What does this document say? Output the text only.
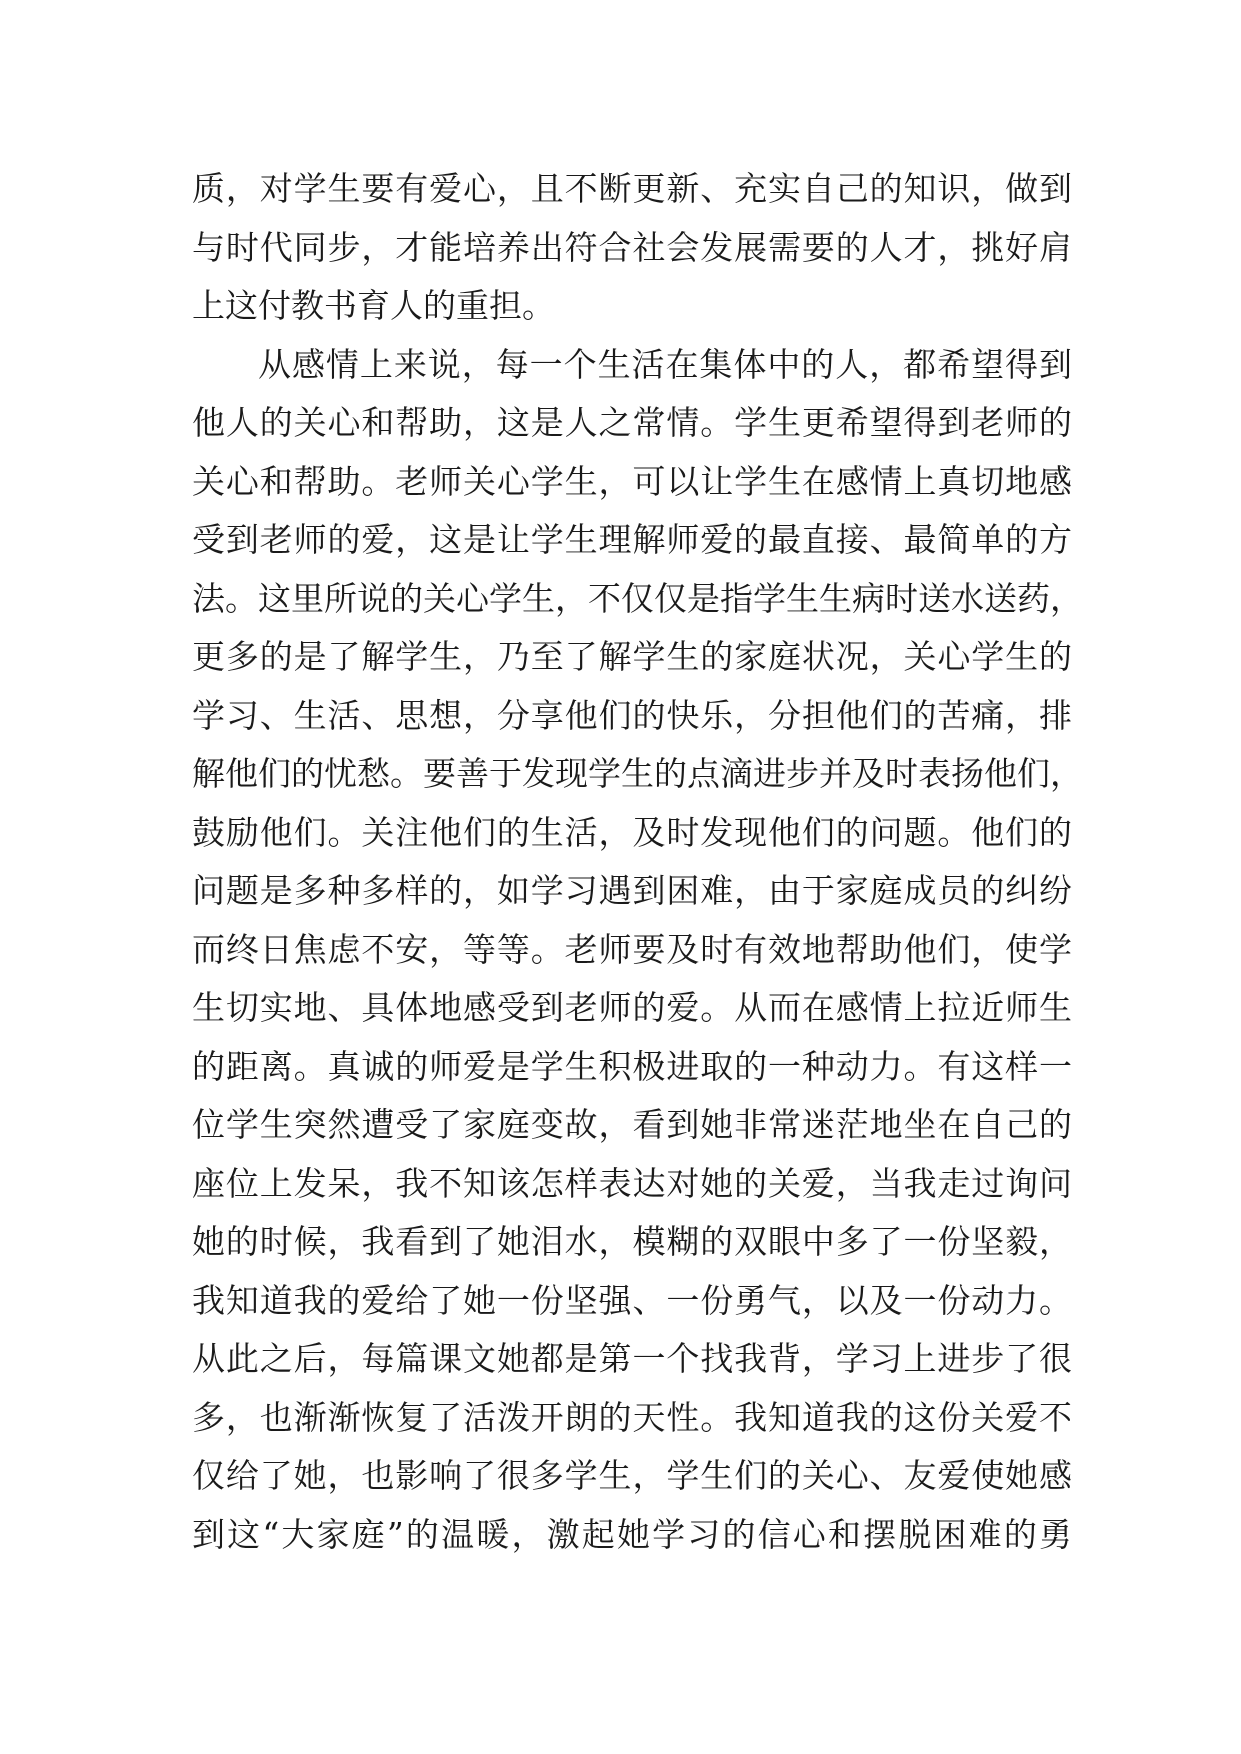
质，对学生要有爱心，且不断更新、充实自己的知识，做到
与时代同步，才能培养出符合社会发展需要的人才，挑好肩
上这付教书育人的重担。
从感情上来说，每一个生活在集体中的人，都希望得到
他人的关心和帮助，这是人之常情。学生更希望得到老师的
关心和帮助。老师关心学生，可以让学生在感情上真切地感
受到老师的爱，这是让学生理解师爱的最直接、最简单的方
法。这里所说的关心学生，不仅仅是指学生生病时送水送药，
更多的是了解学生，乃至了解学生的家庭状况，关心学生的
学习、生活、思想，分享他们的快乐，分担他们的苦痛，排
解他们的忧愁。要善于发现学生的点滴进步并及时表扬他们，
鼓励他们。关注他们的生活，及时发现他们的问题。他们的
问题是多种多样的，如学习遇到困难，由于家庭成员的纠纷
而终日焦虑不安，等等。老师要及时有效地帮助他们，使学
生切实地、具体地感受到老师的爱。从而在感情上拉近师生
的距离。真诚的师爱是学生积极进取的一种动力。有这样一
位学生突然遭受了家庭变故，看到她非常迷茫地坐在自己的
座位上发呆，我不知该怎样表达对她的关爱，当我走过询问
她的时候，我看到了她泪水，模糊的双眼中多了一份坚毅，
我知道我的爱给了她一份坚强、一份勇气，以及一份动力。
从此之后，每篇课文她都是第一个找我背，学习上进步了很
多，也渐渐恢复了活泼开朗的天性。我知道我的这份关爱不
仅给了她，也影响了很多学生，学生们的关心、友爱使她感
到这“大家庭”的温暖，激起她学习的信心和摆脱困难的勇
